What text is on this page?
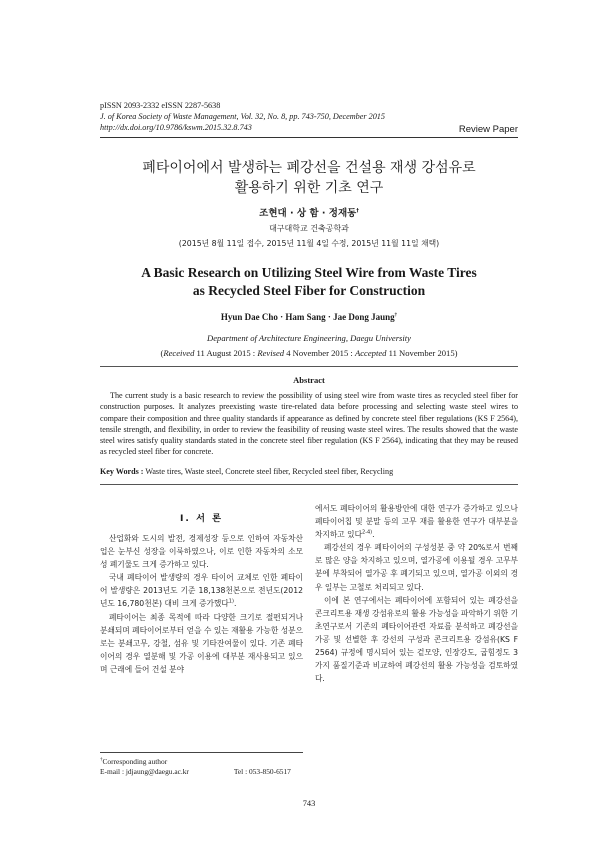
pISSN 2093-2332 eISSN 2287-5638
J. of Korea Society of Waste Management, Vol. 32, No. 8, pp. 743-750, December 2015
http://dx.doi.org/10.9786/kswm.2015.32.8.743	Review Paper
폐타이어에서 발생하는 폐강선을 건설용 재생 강섬유로
활용하기 위한 기초 연구
조현대 · 상 함 · 정재동†
대구대학교 건축공학과
(2015년 8월 11일 접수, 2015년 11월 4일 수정, 2015년 11월 11일 채택)
A Basic Research on Utilizing Steel Wire from Waste Tires
as Recycled Steel Fiber for Construction
Hyun Dae Cho · Ham Sang · Jae Dong Jaung†
Department of Architecture Engineering, Daegu University
(Received 11 August 2015 : Revised 4 November 2015 : Accepted 11 November 2015)
Abstract
The current study is a basic research to review the possibility of using steel wire from waste tires as recycled steel fiber for construction purposes. It analyzes preexisting waste tire-related data before processing and selecting waste steel wires to compare their composition and three quality standards if appearance as defined by concrete steel fiber regulations (KS F 2564), tensile strength, and flexibility, in order to review the feasibility of reusing waste steel wires. The results showed that the waste steel wires satisfy quality standards stated in the concrete steel fiber regulation (KS F 2564), indicating that they may be reused as recycled steel fiber for concrete.
Key Words : Waste tires, Waste steel, Concrete steel fiber, Recycled steel fiber, Recycling
I. 서 론

산업화와 도시의 발전, 경제성장 등으로 인하여 자동차산업은 눈부신 성장을 이룩하였으나, 이로 인한 자동차의 소모성 폐기물도 크게 증가하고 있다.

국내 폐타이어 발생량의 경우 타이어 교체로 인한 폐타이어 발생량은 2013년도 기준 18,138천본으로 전년도(2012년도 16,780천본) 대비 크게 증가했다$^{1)}$.

폐타이어는 최종 목적에 따라 다양한 크기로 절편되거나 분쇄되며 폐타이어로부터 얻을 수 있는 재활용 가능한 성분으로는 분쇄고무, 강철, 섬유 및 기타잔여물이 있다. 기존 폐타이어의 경우 열분해 및 가공 이용에 대부분 재사용되고 있으며 근래에 들어 건설 분야

에서도 폐타이어의 활용방안에 대한 연구가 증가하고 있으나 폐타이어칩 및 분말 등의 고무 재를 활용한 연구가 대부분을 차지하고 있다$^{2-4)}$.

폐강선의 경우 폐타이어의 구성성분 중 약 20%로서 번째로 많은 양을 차지하고 있으며, 열가공에 이용될 경우 고무부분에 부착되어 열가공 후 폐기되고 있으며, 열가공 이외의 경우 일부는 고철로 처리되고 있다.

이에 본 연구에서는 폐타이어에 포함되어 있는 폐강선을 콘크리트용 재생 강섬유로의 활용 가능성을 파악하기 위한 기초연구로서 기존의 폐타이어관련 자료를 분석하고 폐강선을 가공 및 선별한 후 강선의 구성과 콘크리트용 강섬유(KS F 2564) 규정에 명시되어 있는 겉모양, 인장강도, 굽힘정도 3가지 품질기준과 비교하여 폐강선의 활용 가능성을 검토하였다.

†Corresponding author
E-mail : jdjaung@daegu.ac.kr	Tel : 053-850-6517
743
